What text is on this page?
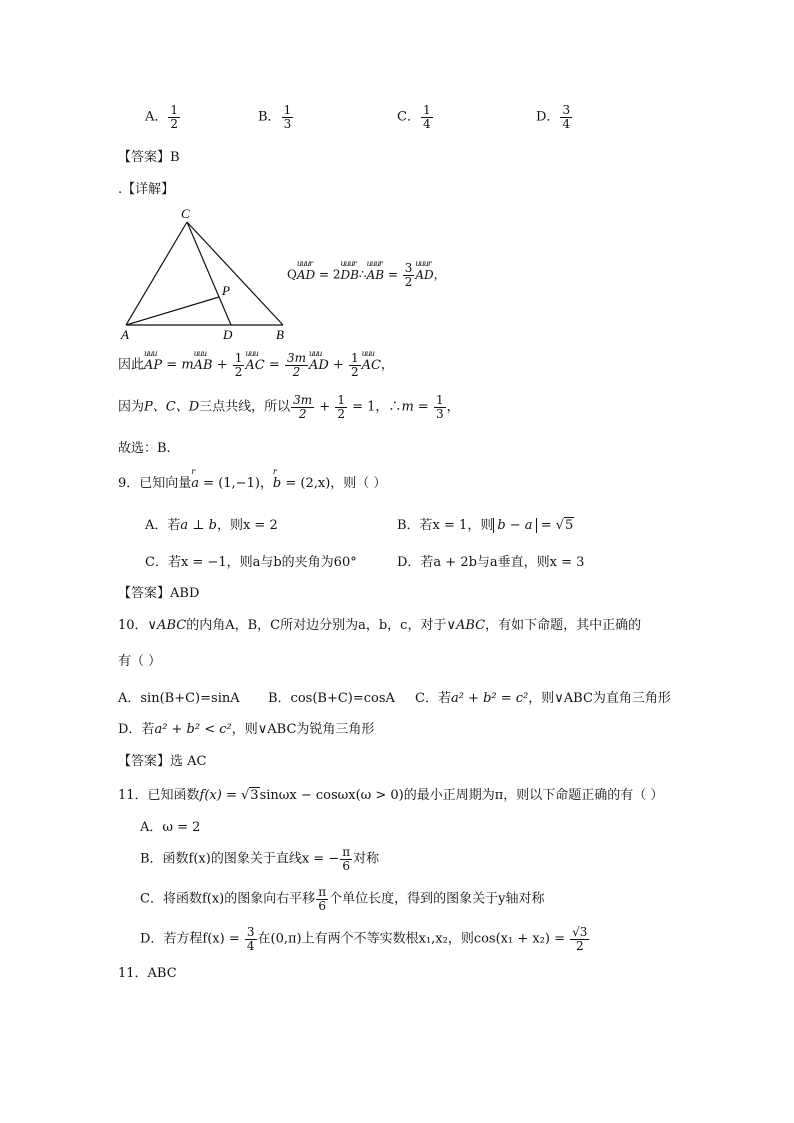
A． $\frac{1}{2}$	B． $\frac{1}{3}$	C． $\frac{1}{4}$	D． $\frac{3}{4}$
【答案】B
.【详解】
C
P
A	D	B
Q
uuur
AD = 2
uuur
DB∴
uuur
AB = $\frac{3}{2}$ uuur
AD，
因此
uuu
AP = m
uuu
AB + $\frac{1}{2}$ uuu
AC = $\frac{3m}{2}$ uuu
AD + $\frac{1}{2}$ uuu
AC，
因为P、C、D三点共线，所以 $\frac{3m}{2} + \frac{1}{2} = 1$，∴m = $\frac{1}{3}$ ，
故选：B.
9．已知向量
r
a = (1,−1)，
r
b = (2,x)，则（ ）
A．若a ⊥ b，则x = 2	B．若x = 1，则 b − a = √5
C．若x = −1，则a与b的夹角为60°	D．若a + 2b与a垂直，则x = 3
【答案】ABD
10．∨ABC的内角A，B，C所对边分别为a，b，c，对于∨ABC，有如下命题，其中正确的
有（ ）
A．sin(B+C)=sinA B．cos(B+C)=cosA C．若a² + b² = c²，则∨ABC为直角三角形
D．若a² + b² < c²，则∨ABC为锐角三角形
【答案】选 AC
11．已知函数f(x) = √3sinωx − cosωx(ω > 0)的最小正周期为π，则以下命题正确的有（ ）
A．ω = 2
B．函数f(x)的图象关于直线x = − $\frac{\pi}{6}$ 对称
C．将函数f(x)的图象向右平移 $\frac{\pi}{6}$ 个单位长度，得到的图象关于y轴对称
D．若方程$f(x) = \frac{3}{4}$ 在(0,π)上有两个不等实数根x₁,x₂，则$\cos(x_1 + x_2) = \frac{√3}{2}$
11．ABC
